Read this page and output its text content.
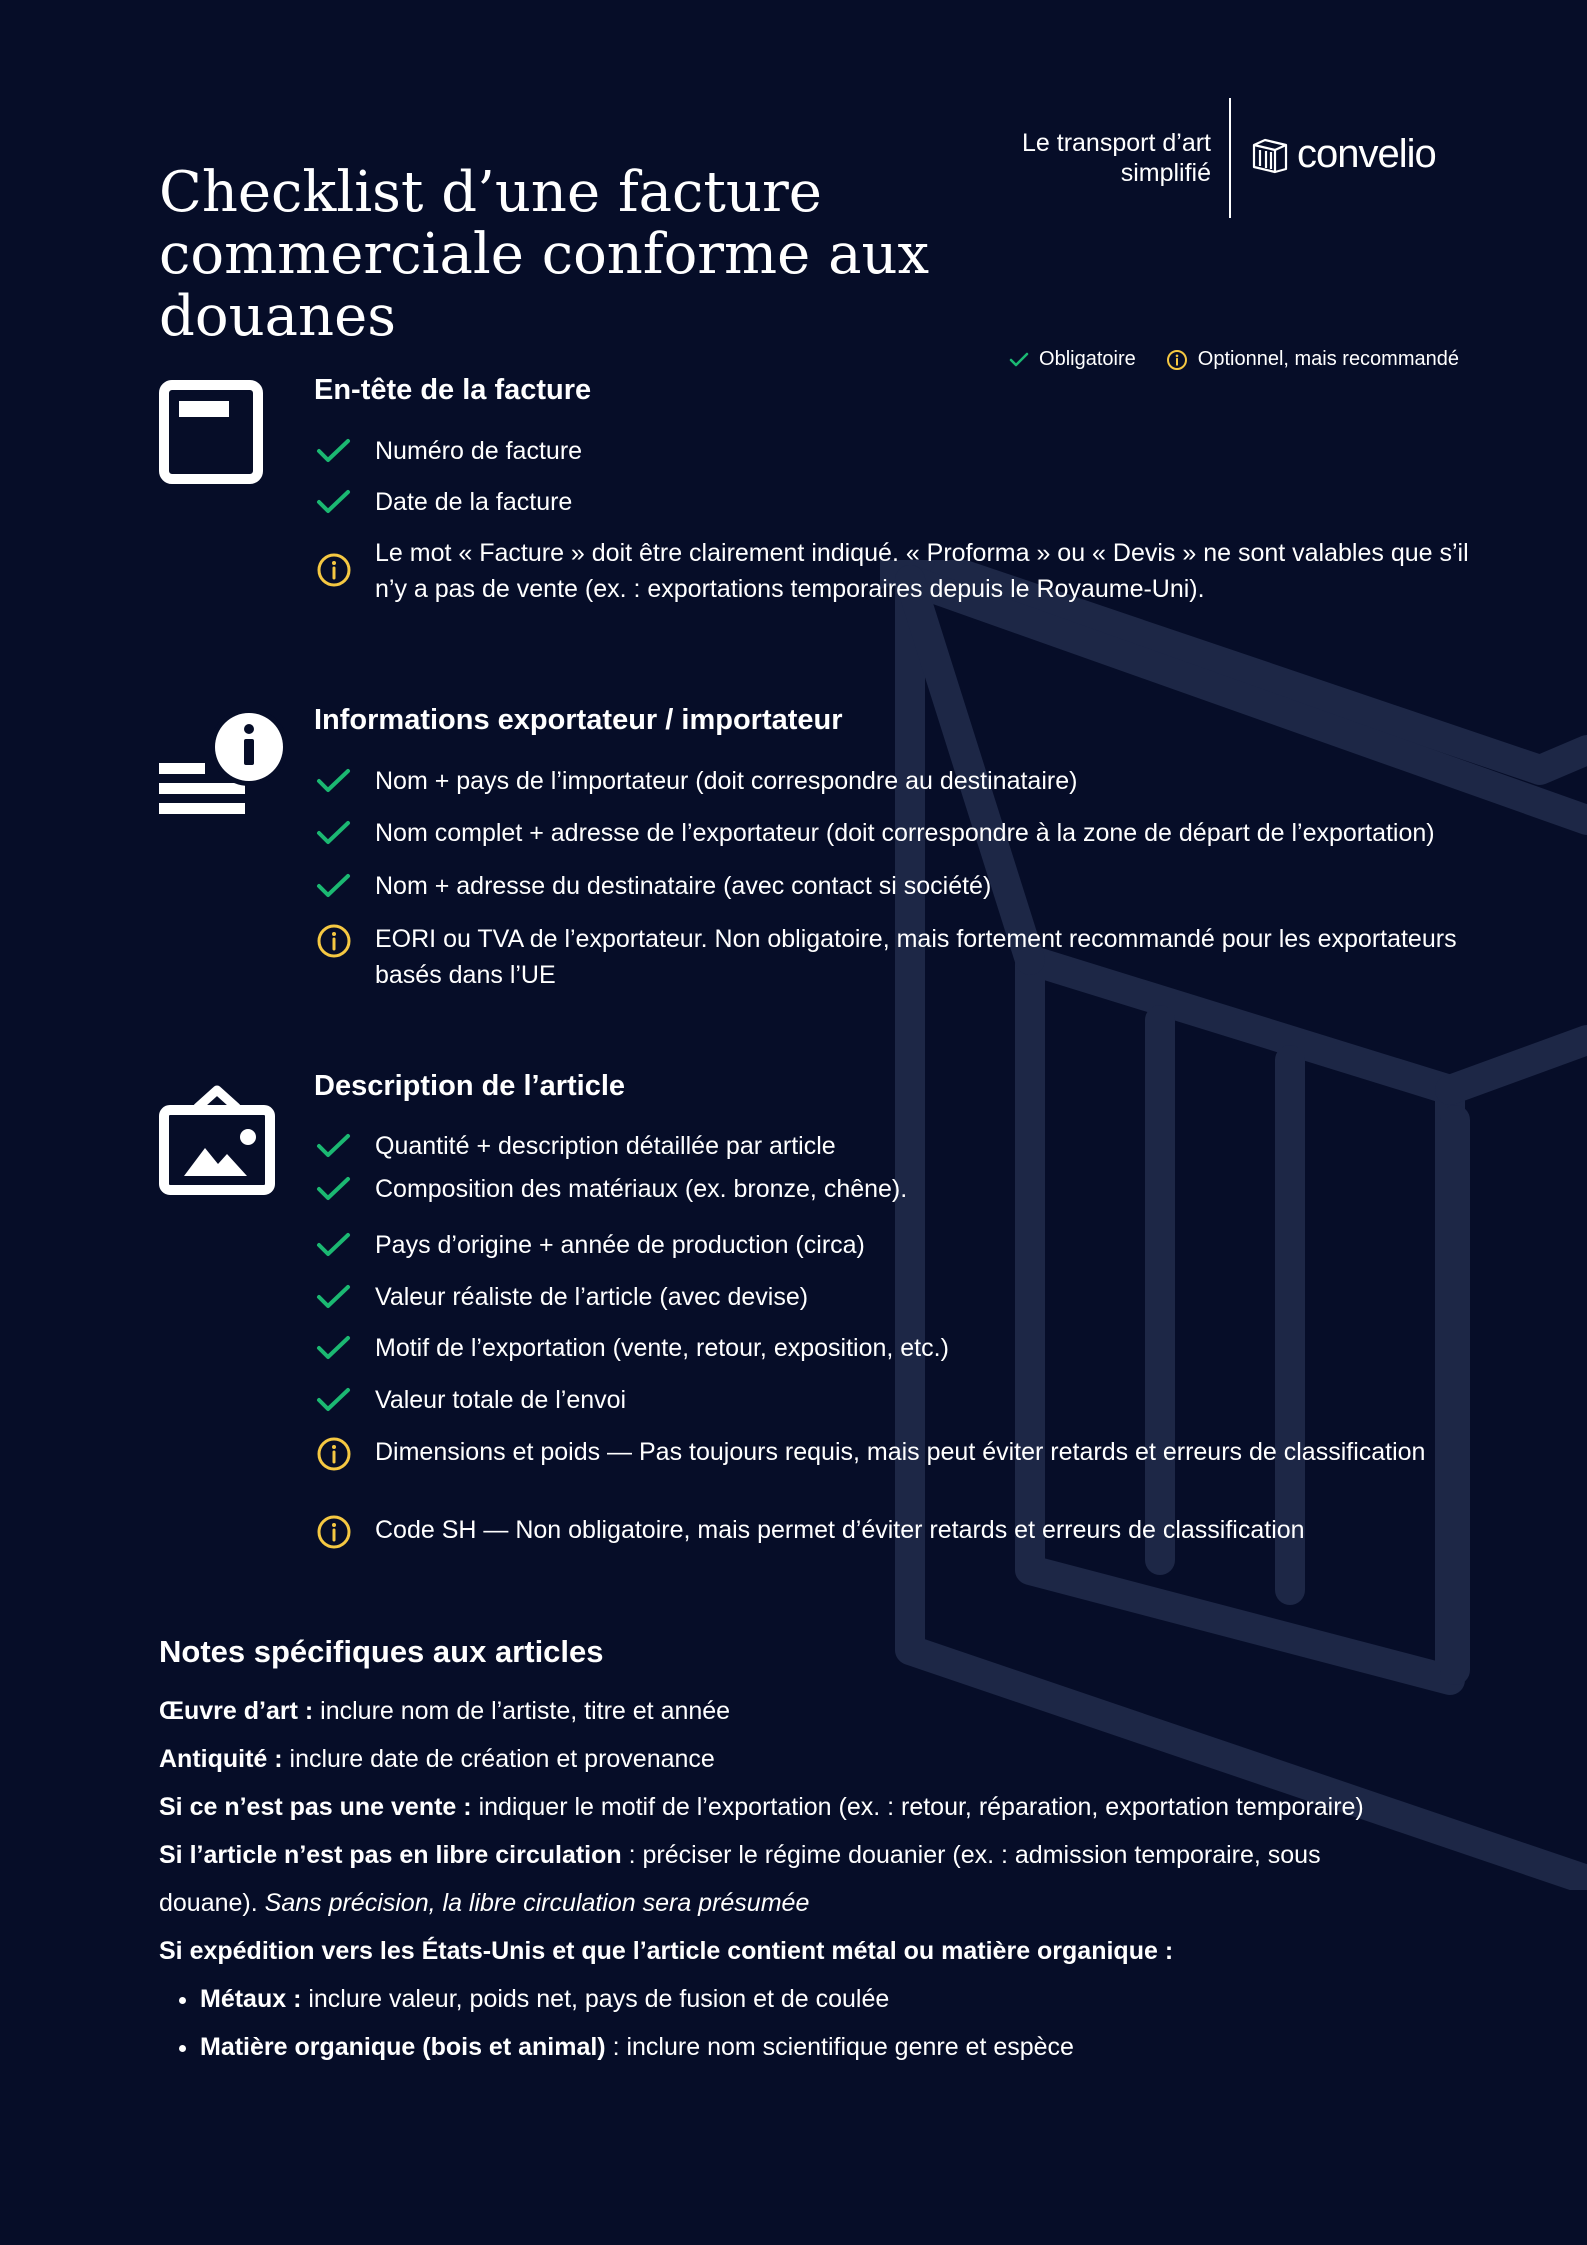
Checklist d’une facture
commerciale conforme aux douanes
Le transport d’art
simplifié convelio
Obligatoire	Optionnel, mais recommandé
En-tête de la facture
Numéro de facture
Date de la facture
Le mot « Facture » doit être clairement indiqué. « Proforma » ou « Devis » ne sont valables que s’il n’y a pas de vente (ex. : exportations temporaires depuis le Royaume-Uni).
Informations exportateur / importateur
Nom + pays de l’importateur (doit correspondre au destinataire)
Nom complet + adresse de l’exportateur (doit correspondre à la zone de départ de l’exportation)
Nom + adresse du destinataire (avec contact si société)
EORI ou TVA de l’exportateur. Non obligatoire, mais fortement recommandé pour les exportateurs basés dans l’UE
Description de l’article
Quantité + description détaillée par article
Composition des matériaux (ex. bronze, chêne).
Pays d’origine + année de production (circa)
Valeur réaliste de l’article (avec devise)
Motif de l’exportation (vente, retour, exposition, etc.)
Valeur totale de l’envoi
Dimensions et poids — Pas toujours requis, mais peut éviter retards et erreurs de classification
Code SH — Non obligatoire, mais permet d’éviter retards et erreurs de classification
Notes spécifiques aux articles

Œuvre d’art : inclure nom de l’artiste, titre et année

Antiquité : inclure date de création et provenance

Si ce n’est pas une vente : indiquer le motif de l’exportation (ex. : retour, réparation, exportation temporaire)

Si l’article n’est pas en libre circulation : préciser le régime douanier (ex. : admission temporaire, sous douane). Sans précision, la libre circulation sera présumée

Si expédition vers les États-Unis et que l’article contient métal ou matière organique :

• Métaux : inclure valeur, poids net, pays de fusion et de coulée
• Matière organique (bois et animal) : inclure nom scientifique genre et espèce
